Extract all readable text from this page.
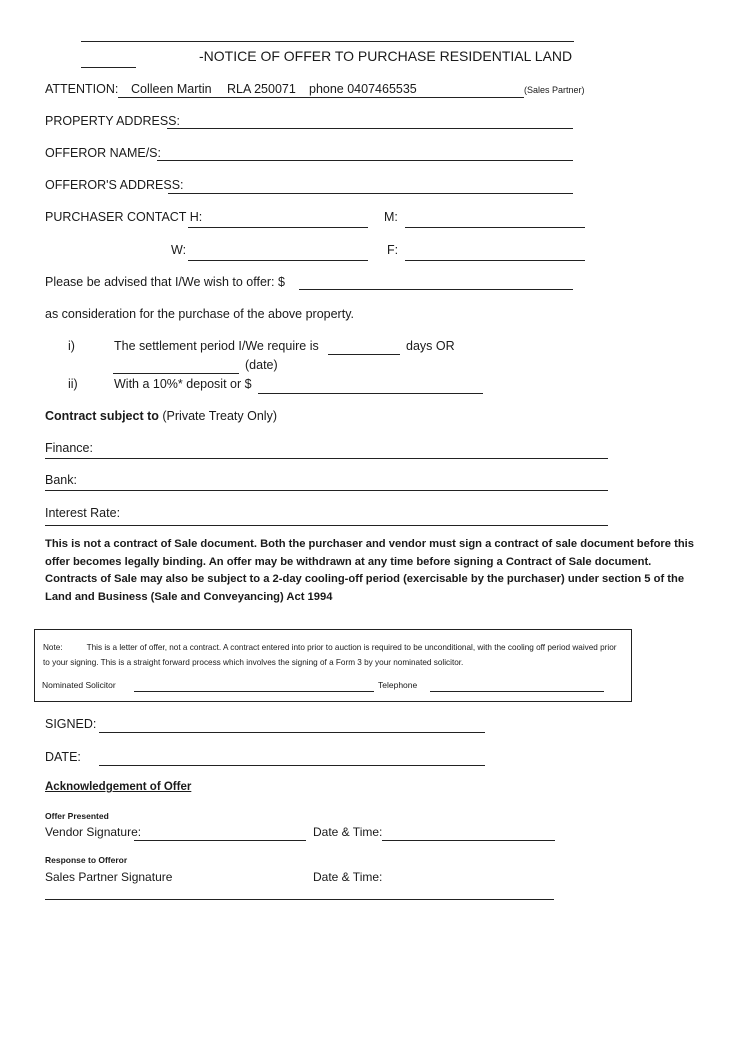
-NOTICE OF OFFER TO PURCHASE RESIDENTIAL LAND
ATTENTION: Colleen Martin RLA 250071 phone 0407465535	(Sales Partner)
PROPERTY ADDRESS:
OFFEROR NAME/S:
OFFEROR'S ADDRESS:
PURCHASER CONTACT H:	M:
W:	F:
Please be advised that I/We wish to offer: $
as consideration for the purchase of the above property.
i)	The settlement period I/We require is	days OR
(date)
ii)	With a 10%* deposit or $
Contract subject to (Private Treaty Only)
Finance:
Bank:
Interest Rate:
This is not a contract of Sale document. Both the purchaser and vendor must sign a contract of sale document before this offer becomes legally binding. An offer may be withdrawn at any time before signing a Contract of Sale document. Contracts of Sale may also be subject to a 2-day cooling-off period (exercisable by the purchaser) under section 5 of the Land and Business (Sale and Conveyancing) Act 1994
Note:	This is a letter of offer, not a contract. A contract entered into prior to auction is required to be unconditional, with the cooling off period waived prior to your signing. This is a straight forward process which involves the signing of a Form 3 by your nominated solicitor.
Nominated Solicitor	Telephone
SIGNED:
DATE:
Acknowledgement of Offer
Offer Presented
Vendor Signature:	Date & Time:
Response to Offeror
Sales Partner Signature	Date & Time:
